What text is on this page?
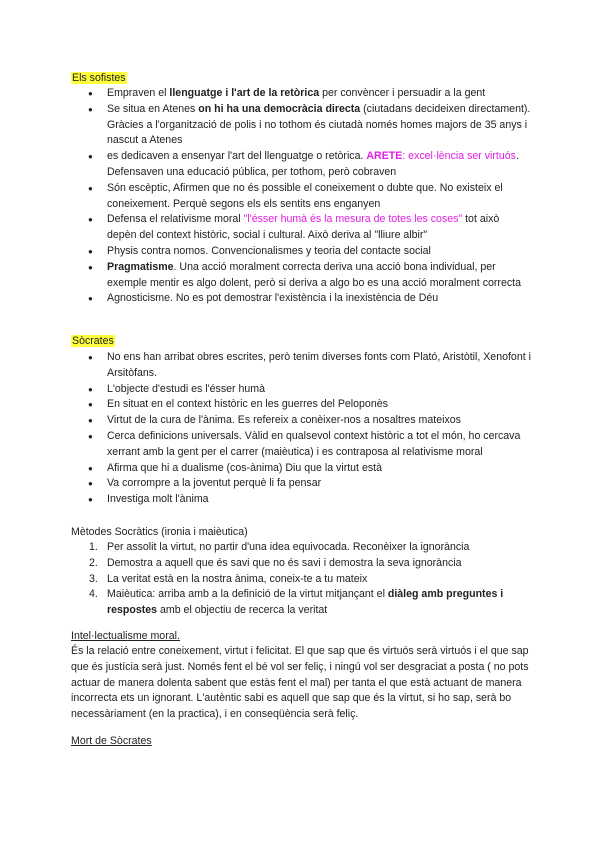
Els sofistes
● Empraven el llenguatge i l'art de la retòrica per convèncer i persuadir a la gent
● Se situa en Atenes on hi ha una democràcia directa (ciutadans decideixen directament). Gràcies a l'organització de polis i no tothom és ciutadà només homes majors de 35 anys i nascut a Atenes
● es dedicaven a ensenyar l'art del llenguatge o retòrica. ARETE: excel·lència ser virtuós. Defensaven una educació pública, per tothom, però cobraven
● Són escèptic, Afirmen que no és possible el coneixement o dubte que. No existeix el coneixement. Perquè segons els els sentits ens enganyen
● Defensa el relativisme moral "l'ésser humà és la mesura de totes les coses" tot això depèn del context històric, social i cultural. Això deriva al "lliure albir"
● Physis contra nomos. Convencionalismes y teoria del contacte social
● Pragmatisme. Una acció moralment correcta deriva una acció bona individual, per exemple mentir es algo dolent, però si deriva a algo bo es una acció moralment correcta
● Agnosticisme. No es pot demostrar l'existència i la inexistència de Déu
Sòcrates
● No ens han arribat obres escrites, però tenim diverses fonts com Plató, Aristòtil, Xenofont i Arsitòfans.
● L'objecte d'estudi es l'ésser humà
● En situat en el context històric en les guerres del Peloponès
● Virtut de la cura de l'ànima. Es refereix a conèixer-nos a nosaltres mateixos
● Cerca definicions universals. Vàlid en qualsevol context històric a tot el món, ho cercava xerrant amb la gent per el carrer (maièutica) i es contraposa al relativisme moral
● Afirma que hi a dualisme (cos-ànima) Diu que la virtut està
● Va corrompre a la joventut perquè li fa pensar
● Investiga molt l'ànima
Mètodes Socràtics (ironia i maièutica)
1. Per assolit la virtut, no partir d'una idea equivocada. Reconèixer la ignorància
2. Demostra a aquell que és savi que no és savi i demostra la seva ignorància
3. La veritat està en la nostra ànima, coneix-te a tu mateix
4. Maièutica: arriba amb a la definició de la virtut mitjançant el diàleg amb preguntes i respostes amb el objectiu de recerca la veritat
Intel·lectualisme moral.
És la relació entre coneixement, virtut i felicitat. El que sap que és virtuós serà virtuós i el que sap que és justícia serà just. Només fent el bé vol ser feliç, i ningú vol ser desgraciat a posta ( no pots actuar de manera dolenta sabent que estàs fent el mal) per tanta el que està actuant de manera incorrecta ets un ignorant. L'autèntic sabi es aquell que sap que és la virtut, si ho sap, serà bo necessàriament (en la practica), i en conseqüència serà feliç.
Mort de Sòcrates
